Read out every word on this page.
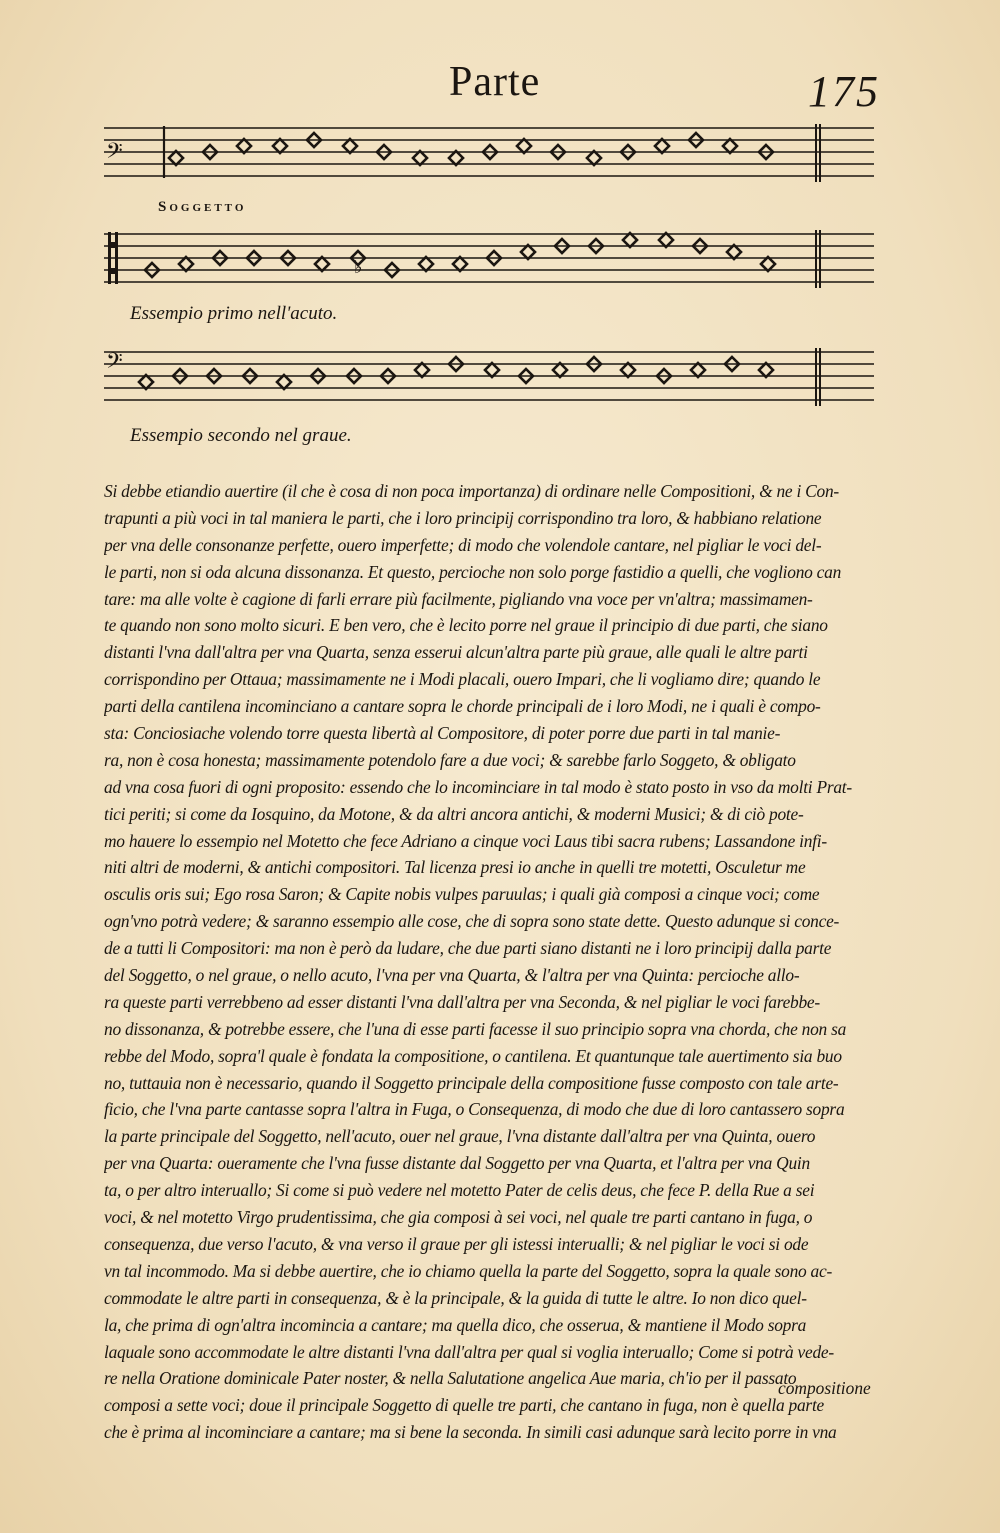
Parte	175
𝄢
Soggetto
♭
Essempio primo nell'acuto.
𝄢
Essempio secondo nel graue.
Si debbe etiandio auertire (il che è cosa di non poca importanza) di ordinare nelle Compositioni, & ne i Con-
trapunti a più voci in tal maniera le parti, che i loro principij corrispondino tra loro, & habbiano relatione
per vna delle consonanze perfette, ouero imperfette; di modo che volendole cantare, nel pigliar le voci del-
le parti, non si oda alcuna dissonanza. Et questo, percioche non solo porge fastidio a quelli, che vogliono can
tare: ma alle volte è cagione di farli errare più facilmente, pigliando vna voce per vn'altra; massimamen-
te quando non sono molto sicuri. E ben vero, che è lecito porre nel graue il principio di due parti, che siano
distanti l'vna dall'altra per vna Quarta, senza esserui alcun'altra parte più graue, alle quali le altre parti
corrispondino per Ottaua; massimamente ne i Modi placali, ouero Impari, che li vogliamo dire; quando le
parti della cantilena incominciano a cantare sopra le chorde principali de i loro Modi, ne i quali è compo-
sta: Conciosiache volendo torre questa libertà al Compositore, di poter porre due parti in tal manie-
ra, non è cosa honesta; massimamente potendolo fare a due voci; & sarebbe farlo Soggeto, & obligato
ad vna cosa fuori di ogni proposito: essendo che lo incominciare in tal modo è stato posto in vso da molti Prat-
tici periti; si come da Iosquino, da Motone, & da altri ancora antichi, & moderni Musici; & di ciò pote-
mo hauere lo essempio nel Motetto che fece Adriano a cinque voci Laus tibi sacra rubens; Lassandone infi-
niti altri de moderni, & antichi compositori. Tal licenza presi io anche in quelli tre motetti, Osculetur me
osculis oris sui; Ego rosa Saron; & Capite nobis vulpes paruulas; i quali già composi a cinque voci; come
ogn'vno potrà vedere; & saranno essempio alle cose, che di sopra sono state dette. Questo adunque si conce-
de a tutti li Compositori: ma non è però da ludare, che due parti siano distanti ne i loro principij dalla parte
del Soggetto, o nel graue, o nello acuto, l'vna per vna Quarta, & l'altra per vna Quinta: percioche allo-
ra queste parti verrebbeno ad esser distanti l'vna dall'altra per vna Seconda, & nel pigliar le voci farebbe-
no dissonanza, & potrebbe essere, che l'una di esse parti facesse il suo principio sopra vna chorda, che non sa
rebbe del Modo, sopra'l quale è fondata la compositione, o cantilena. Et quantunque tale auertimento sia buo
no, tuttauia non è necessario, quando il Soggetto principale della compositione fusse composto con tale arte-
ficio, che l'vna parte cantasse sopra l'altra in Fuga, o Consequenza, di modo che due di loro cantassero sopra
la parte principale del Soggetto, nell'acuto, ouer nel graue, l'vna distante dall'altra per vna Quinta, ouero
per vna Quarta: oueramente che l'vna fusse distante dal Soggetto per vna Quarta, et l'altra per vna Quin
ta, o per altro interuallo; Si come si può vedere nel motetto Pater de celis deus, che fece P. della Rue a sei
voci, & nel motetto Virgo prudentissima, che gia composi à sei voci, nel quale tre parti cantano in fuga, o
consequenza, due verso l'acuto, & vna verso il graue per gli istessi interualli; & nel pigliar le voci si ode
vn tal incommodo. Ma si debbe auertire, che io chiamo quella la parte del Soggetto, sopra la quale sono ac-
commodate le altre parti in consequenza, & è la principale, & la guida di tutte le altre. Io non dico quel-
la, che prima di ogn'altra incomincia a cantare; ma quella dico, che osserua, & mantiene il Modo sopra
laquale sono accommodate le altre distanti l'vna dall'altra per qual si voglia interuallo; Come si potrà vede-
re nella Oratione dominicale Pater noster, & nella Salutatione angelica Aue maria, ch'io per il passato
composi a sette voci; doue il principale Soggetto di quelle tre parti, che cantano in fuga, non è quella parte
che è prima al incominciare a cantare; ma si bene la seconda. In simili casi adunque sarà lecito porre in vna
compositione
